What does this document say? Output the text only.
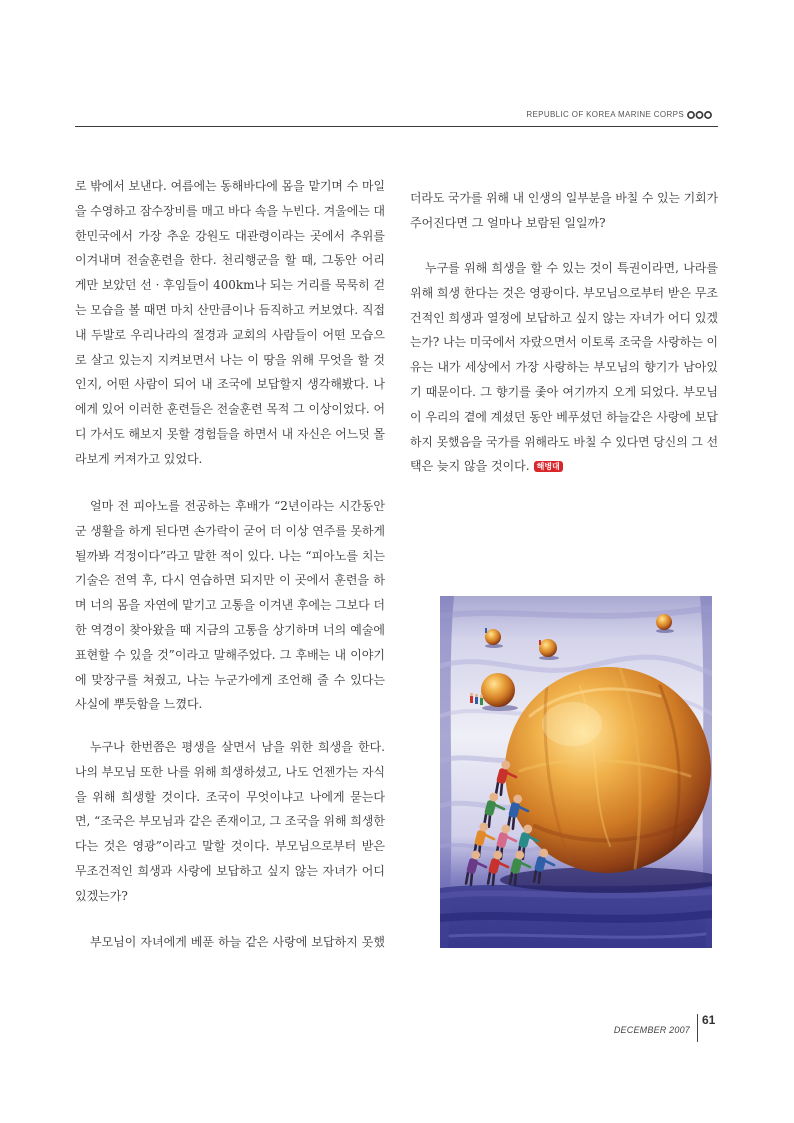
REPUBLIC OF KOREA MARINE CORPS
로 밖에서 보낸다. 여름에는 동해바다에 몸을 맡기며 수 마일
을 수영하고 잠수장비를 매고 바다 속을 누빈다. 겨울에는 대
한민국에서 가장 추운 강원도 대관령이라는 곳에서 추위를
이겨내며 전술훈련을 한다. 천리행군을 할 때, 그동안 어리
게만 보았던 선 · 후임들이 400km나 되는 거리를 묵묵히 걷
는 모습을 볼 때면 마치 산만큼이나 듬직하고 커보였다. 직접
내 두발로 우리나라의 절경과 교회의 사람들이 어떤 모습으
로 살고 있는지 지켜보면서 나는 이 땅을 위해 무엇을 할 것
인지, 어떤 사람이 되어 내 조국에 보답할지 생각해봤다. 나
에게 있어 이러한 훈련들은 전술훈련 목적 그 이상이었다. 어
디 가서도 해보지 못할 경험들을 하면서 내 자신은 어느덧 몰
라보게 커져가고 있었다.
얼마 전 피아노를 전공하는 후배가 “2년이라는 시간동안
군 생활을 하게 된다면 손가락이 굳어 더 이상 연주를 못하게
될까봐 걱정이다”라고 말한 적이 있다. 나는 “피아노를 치는
기술은 전역 후, 다시 연습하면 되지만 이 곳에서 훈련을 하
며 너의 몸을 자연에 맡기고 고통을 이겨낸 후에는 그보다 더
한 역경이 찾아왔을 때 지금의 고통을 상기하며 너의 예술에
표현할 수 있을 것”이라고 말해주었다. 그 후배는 내 이야기
에 맞장구를 쳐줬고, 나는 누군가에게 조언해 줄 수 있다는
사실에 뿌듯함을 느꼈다.
누구나 한번쯤은 평생을 살면서 남을 위한 희생을 한다.
나의 부모님 또한 나를 위해 희생하셨고, 나도 언젠가는 자식
을 위해 희생할 것이다. 조국이 무엇이냐고 나에게 묻는다
면, “조국은 부모님과 같은 존재이고, 그 조국을 위해 희생한
다는 것은 영광”이라고 말할 것이다. 부모님으로부터 받은
무조건적인 희생과 사랑에 보답하고 싶지 않는 자녀가 어디
있겠는가?
부모님이 자녀에게 베푼 하늘 같은 사랑에 보답하지 못했
더라도 국가를 위해 내 인생의 일부분을 바칠 수 있는 기회가
주어진다면 그 얼마나 보람된 일일까?
누구를 위해 희생을 할 수 있는 것이 특권이라면, 나라를
위해 희생 한다는 것은 영광이다. 부모님으로부터 받은 무조
건적인 희생과 열정에 보답하고 싶지 않는 자녀가 어디 있겠
는가? 나는 미국에서 자랐으면서 이토록 조국을 사랑하는 이
유는 내가 세상에서 가장 사랑하는 부모님의 향기가 남아있
기 때문이다. 그 향기를 좇아 여기까지 오게 되었다. 부모님
이 우리의 곁에 계셨던 동안 베푸셨던 하늘같은 사랑에 보답
하지 못했음을 국가를 위해라도 바칠 수 있다면 당신의 그 선
택은 늦지 않을 것이다. 해병대
DECEMBER 2007
61
